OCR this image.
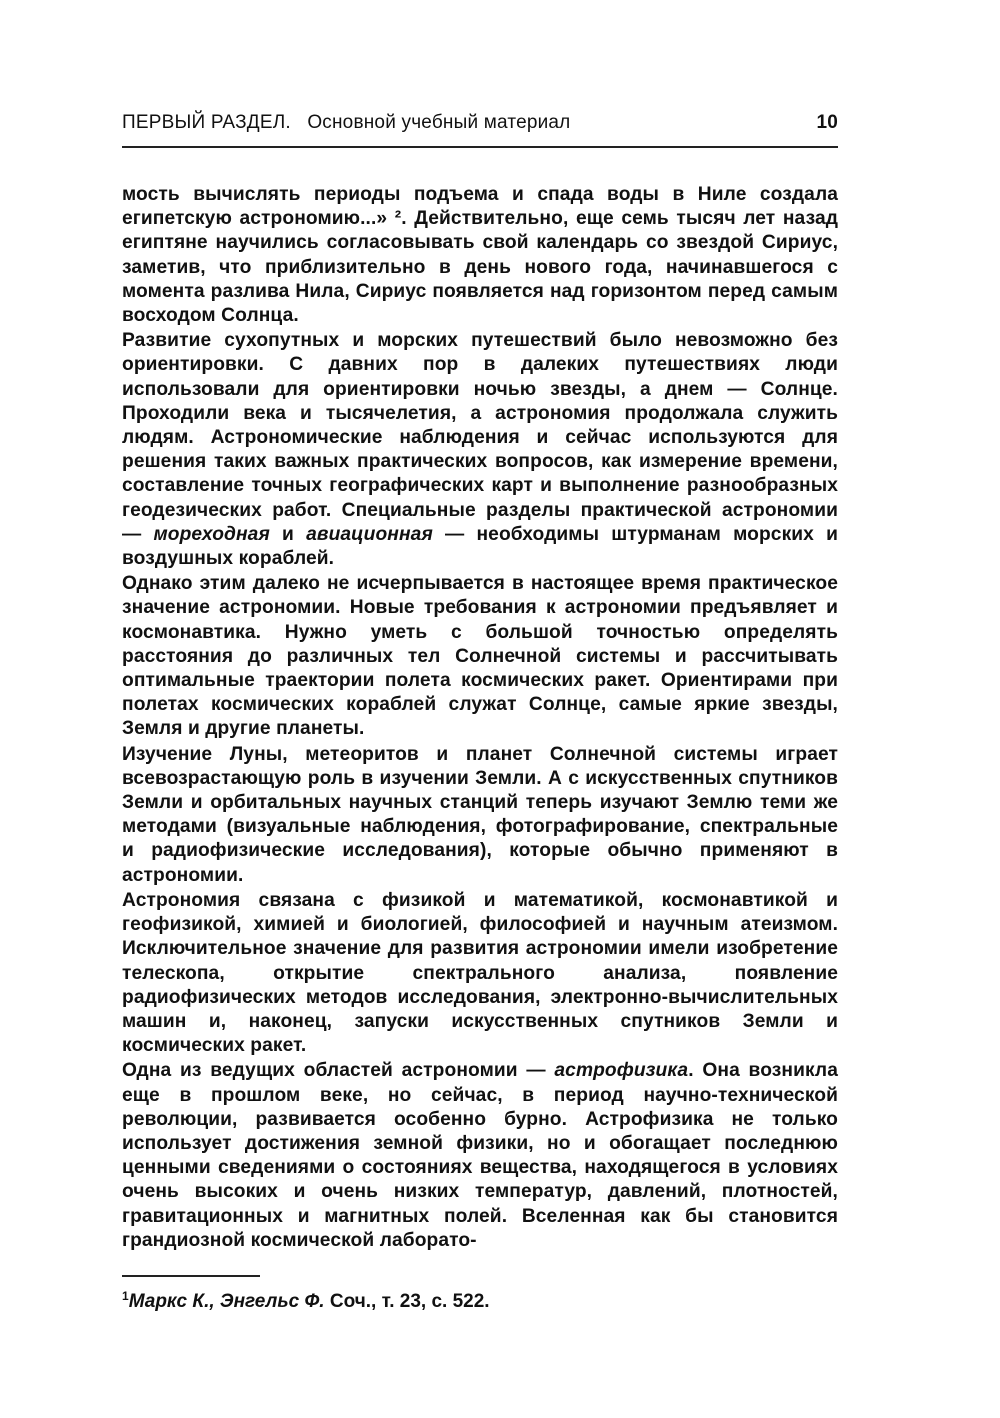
ПЕРВЫЙ РАЗДЕЛ. Основной учебный материал	10

мость вычислять периоды подъема и спада воды в Ниле создала египетскую астрономию...» ². Действительно, еще семь тысяч лет назад египтяне научились согласовывать свой календарь со звездой Сириус, заметив, что приблизительно в день нового года, начинавшегося с момента разлива Нила, Сириус появляется над горизонтом перед самым восходом Солнца.

Развитие сухопутных и морских путешествий было невозможно без ориентировки. С давних пор в далеких путешествиях люди использовали для ориентировки ночью звезды, а днем — Солнце. Проходили века и тысячелетия, а астрономия продолжала служить людям. Астрономические наблюдения и сейчас используются для решения таких важных практических вопросов, как измерение времени, составление точных географических карт и выполнение разнообразных геодезических работ. Специальные разделы практической астрономии — мореходная и авиационная — необходимы штурманам морских и воздушных кораблей.

Однако этим далеко не исчерпывается в настоящее время практическое значение астрономии. Новые требования к астрономии предъявляет и космонавтика. Нужно уметь с большой точностью определять расстояния до различных тел Солнечной системы и рассчитывать оптимальные траектории полета космических ракет. Ориентирами при полетах космических кораблей служат Солнце, самые яркие звезды, Земля и другие планеты.

Изучение Луны, метеоритов и планет Солнечной системы играет всевозрастающую роль в изучении Земли. А с искусственных спутников Земли и орбитальных научных станций теперь изучают Землю теми же методами (визуальные наблюдения, фотографирование, спектральные и радиофизические исследования), которые обычно применяют в астрономии.

Астрономия связана с физикой и математикой, космонавтикой и геофизикой, химией и биологией, философией и научным атеизмом. Исключительное значение для развития астрономии имели изобретение телескопа, открытие спектрального анализа, появление радиофизических методов исследования, электронно-вычислительных машин и, наконец, запуски искусственных спутников Земли и космических ракет.

Одна из ведущих областей астрономии — астрофизика. Она возникла еще в прошлом веке, но сейчас, в период научно-технической революции, развивается особенно бурно. Астрофизика не только использует достижения земной физики, но и обогащает последнюю ценными сведениями о состояниях вещества, находящегося в условиях очень высоких и очень низких температур, давлений, плотностей, гравитационных и магнитных полей. Вселенная как бы становится грандиозной космической лаборато-

$^1$Маркс К., Энгельс Ф. Соч., т. 23, с. 522.
